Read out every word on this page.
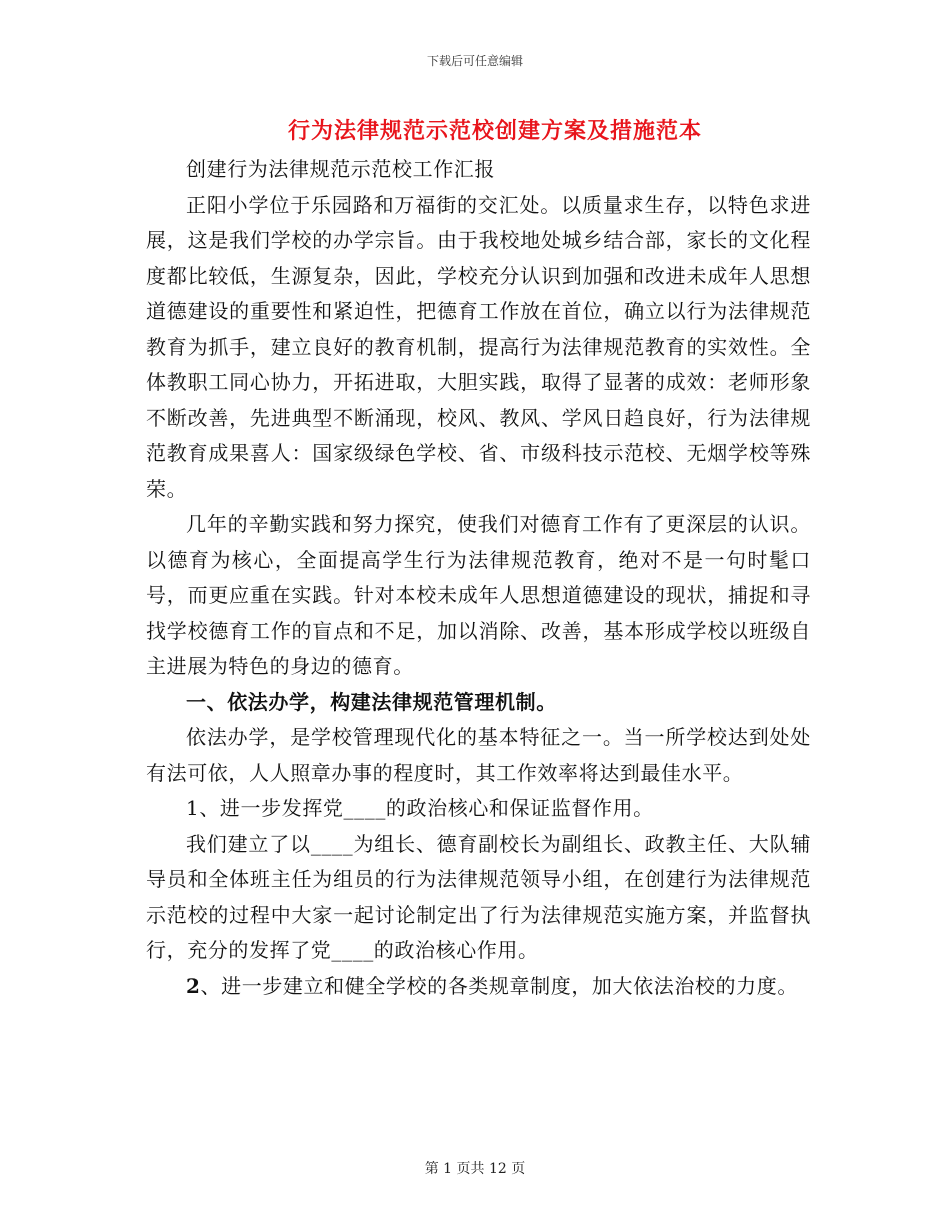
下载后可任意编辑
行为法律规范示范校创建方案及措施范本

创建行为法律规范示范校工作汇报

正阳小学位于乐园路和万福街的交汇处。以质量求生存，以特色求进展，这是我们学校的办学宗旨。由于我校地处城乡结合部，家长的文化程度都比较低，生源复杂，因此，学校充分认识到加强和改进未成年人思想道德建设的重要性和紧迫性，把德育工作放在首位，确立以行为法律规范教育为抓手，建立良好的教育机制，提高行为法律规范教育的实效性。全体教职工同心协力，开拓进取，大胆实践，取得了显著的成效：老师形象不断改善，先进典型不断涌现，校风、教风、学风日趋良好，行为法律规范教育成果喜人：国家级绿色学校、省、市级科技示范校、无烟学校等殊荣。

几年的辛勤实践和努力探究，使我们对德育工作有了更深层的认识。以德育为核心，全面提高学生行为法律规范教育，绝对不是一句时髦口号，而更应重在实践。针对本校未成年人思想道德建设的现状，捕捉和寻找学校德育工作的盲点和不足，加以消除、改善，基本形成学校以班级自主进展为特色的身边的德育。

一、依法办学，构建法律规范管理机制。

依法办学，是学校管理现代化的基本特征之一。当一所学校达到处处有法可依，人人照章办事的程度时，其工作效率将达到最佳水平。

1、进一步发挥党____的政治核心和保证监督作用。

我们建立了以____为组长、德育副校长为副组长、政教主任、大队辅导员和全体班主任为组员的行为法律规范领导小组，在创建行为法律规范示范校的过程中大家一起讨论制定出了行为法律规范实施方案，并监督执行，充分的发挥了党____的政治核心作用。

2、进一步建立和健全学校的各类规章制度，加大依法治校的力度。

第 1 页共 12 页
